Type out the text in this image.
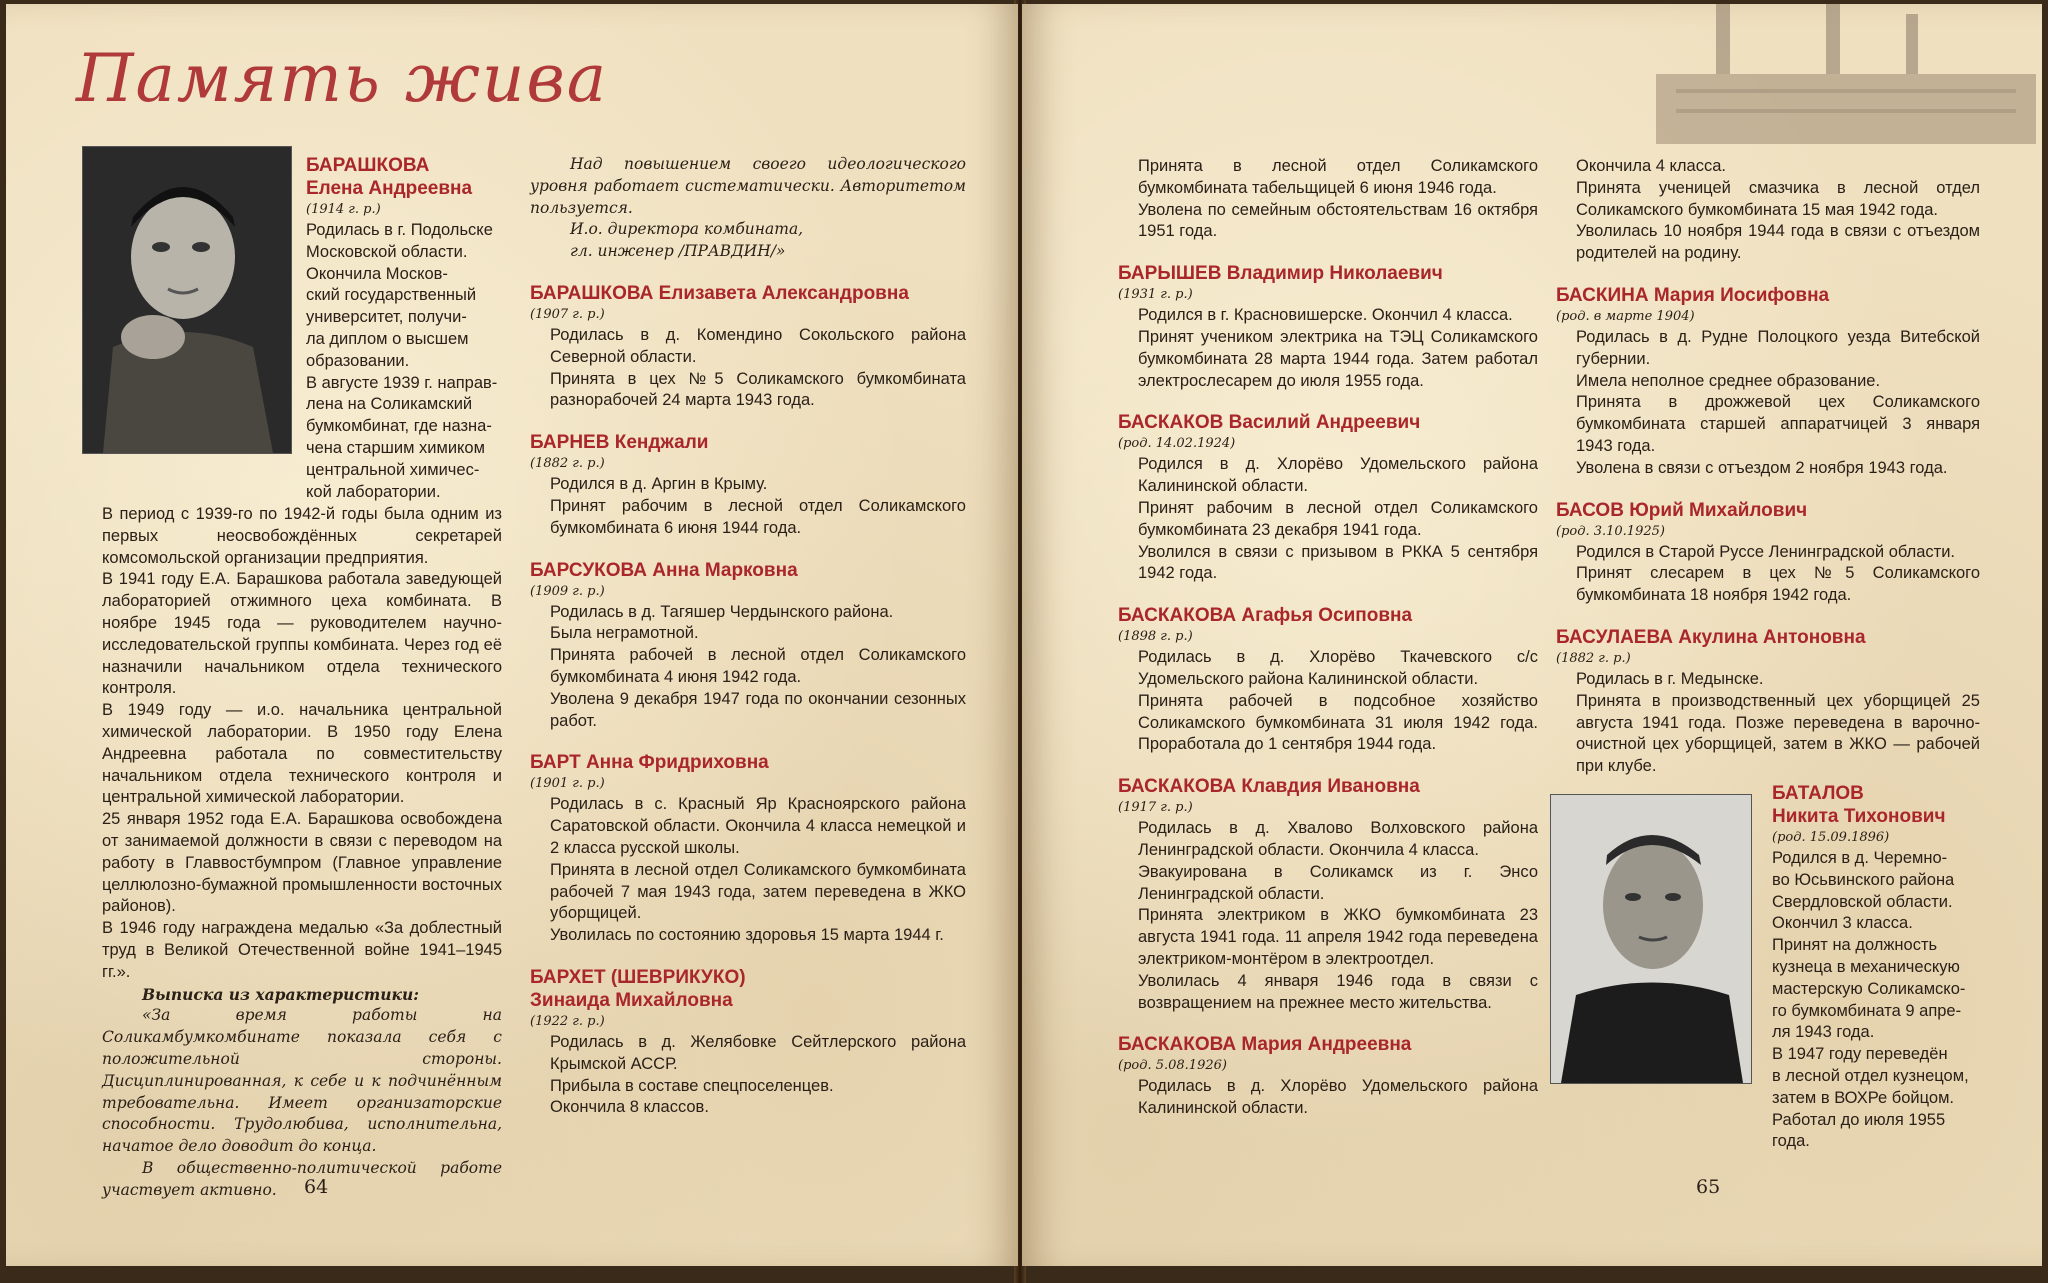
Память жива
БАРАШКОВА
Елена Андреевна
(1914 г. р.)

Родилась в г. Подольске

Московской области.

Окончила Москов-

ский государственный

университет, получи-

ла диплом о высшем

образовании.

В августе 1939 г. направ-

лена на Соликамский

бумкомбинат, где назна-

чена старшим химиком

центральной химичес-

кой лаборатории.

В период с 1939-го по 1942-й годы была одним из первых неосвобождённых секретарей комсомольской организации предприятия.

В 1941 году Е.А. Барашкова работала заведующей лабораторией отжимного цеха комбината. В ноябре 1945 года — руководителем научно-исследовательской группы комбината. Через год её назначили начальником отдела технического контроля.

В 1949 году — и.о. начальника центральной химической лаборатории. В 1950 году Елена Андреевна работала по совместительству начальником отдела технического контроля и центральной химической лаборатории.

25 января 1952 года Е.А. Барашкова освобождена от занимаемой должности в связи с переводом на работу в Главвостбумпром (Главное управление целлюлозно-бумажной промышленности восточных районов).

В 1946 году награждена медалью «За доблестный труд в Великой Отечественной войне 1941–1945 гг.».

Выписка из характеристики:

«За время работы на Соликамбумкомбинате показала себя с положительной стороны. Дисциплинированная, к себе и к подчинённым требовательна. Имеет организаторские способности. Трудолюбива, исполнительна, начатое дело доводит до конца.

В общественно-политической работе участвует активно.

Над повышением своего идеологического уровня работает систематически. Авторитетом пользуется.

И.о. директора комбината,

гл. инженер /ПРАВДИН/»

БАРАШКОВА Елизавета Александровна
(1907 г. р.)

Родилась в д. Комендино Сокольского района Северной области.

Принята в цех №5 Соликамского бумкомбината разнорабочей 24 марта 1943 года.

БАРНЕВ Кенджали
(1882 г. р.)

Родился в д. Аргин в Крыму.

Принят рабочим в лесной отдел Соликамского бумкомбината 6 июня 1944 года.

БАРСУКОВА Анна Марковна
(1909 г. р.)

Родилась в д. Тагяшер Чердынского района.

Была неграмотной.

Принята рабочей в лесной отдел Соликамского бумкомбината 4 июня 1942 года.

Уволена 9 декабря 1947 года по окончании сезонных работ.

БАРТ Анна Фридриховна
(1901 г. р.)

Родилась в с. Красный Яр Красноярского района Саратовской области. Окончила 4 класса немецкой и 2 класса русской школы.

Принята в лесной отдел Соликамского бумкомбината рабочей 7 мая 1943 года, затем переведена в ЖКО уборщицей.

Уволилась по состоянию здоровья 15 марта 1944 г.

БАРХЕТ (ШЕВРИКУКО)
Зинаида Михайловна
(1922 г. р.)

Родилась в д. Желябовке Сейтлерского района Крымской АССР.

Прибыла в составе спецпоселенцев.

Окончила 8 классов.

64

Принята в лесной отдел Соликамского бумкомбината табельщицей 6 июня 1946 года.

Уволена по семейным обстоятельствам 16 октября 1951 года.

БАРЫШЕВ Владимир Николаевич
(1931 г. р.)

Родился в г. Красновишерске. Окончил 4 класса.

Принят учеником электрика на ТЭЦ Соликамского бумкомбината 28 марта 1944 года. Затем работал электрослесарем до июля 1955 года.

БАСКАКОВ Василий Андреевич
(род. 14.02.1924)

Родился в д. Хлорёво Удомельского района Калининской области.

Принят рабочим в лесной отдел Соликамского бумкомбината 23 декабря 1941 года.

Уволился в связи с призывом в РККА 5 сентября 1942 года.

БАСКАКОВА Агафья Осиповна
(1898 г. р.)

Родилась в д. Хлорёво Ткачевского с/с Удомельского района Калининской области.

Принята рабочей в подсобное хозяйство Соликамского бумкомбината 31 июля 1942 года. Проработала до 1 сентября 1944 года.

БАСКАКОВА Клавдия Ивановна
(1917 г. р.)

Родилась в д. Хвалово Волховского района Ленинградской области. Окончила 4 класса.

Эвакуирована в Соликамск из г. Энсо Ленинградской области.

Принята электриком в ЖКО бумкомбината 23 августа 1941 года. 11 апреля 1942 года переведена электриком-монтёром в электроотдел.

Уволилась 4 января 1946 года в связи с возвращением на прежнее место жительства.

БАСКАКОВА Мария Андреевна
(род. 5.08.1926)

Родилась в д. Хлорёво Удомельского района Калининской области.

Окончила 4 класса.

Принята ученицей смазчика в лесной отдел Соликамского бумкомбината 15 мая 1942 года.

Уволилась 10 ноября 1944 года в связи с отъездом родителей на родину.

БАСКИНА Мария Иосифовна
(род. в марте 1904)

Родилась в д. Рудне Полоцкого уезда Витебской губернии.

Имела неполное среднее образование.

Принята в дрожжевой цех Соликамского бумкомбината старшей аппаратчицей 3 января 1943 года.

Уволена в связи с отъездом 2 ноября 1943 года.

БАСОВ Юрий Михайлович
(род. 3.10.1925)

Родился в Старой Руссе Ленинградской области.

Принят слесарем в цех №5 Соликамского бумкомбината 18 ноября 1942 года.

БАСУЛАЕВА Акулина Антоновна
(1882 г. р.)

Родилась в г. Медынске.

Принята в производственный цех уборщицей 25 августа 1941 года. Позже переведена в варочно-очистной цех уборщицей, затем в ЖКО — рабочей при клубе.

БАТАЛОВ
Никита Тихонович
(род. 15.09.1896)

Родился в д. Черемно-

во Юсьвинского района

Свердловской области.

Окончил 3 класса.

Принят на должность

кузнеца в механическую

мастерскую Соликамско-

го бумкомбината 9 апре-

ля 1943 года.

В 1947 году переведён

в лесной отдел кузнецом,

затем в ВОХРе бойцом.

Работал до июля 1955 года.

65
